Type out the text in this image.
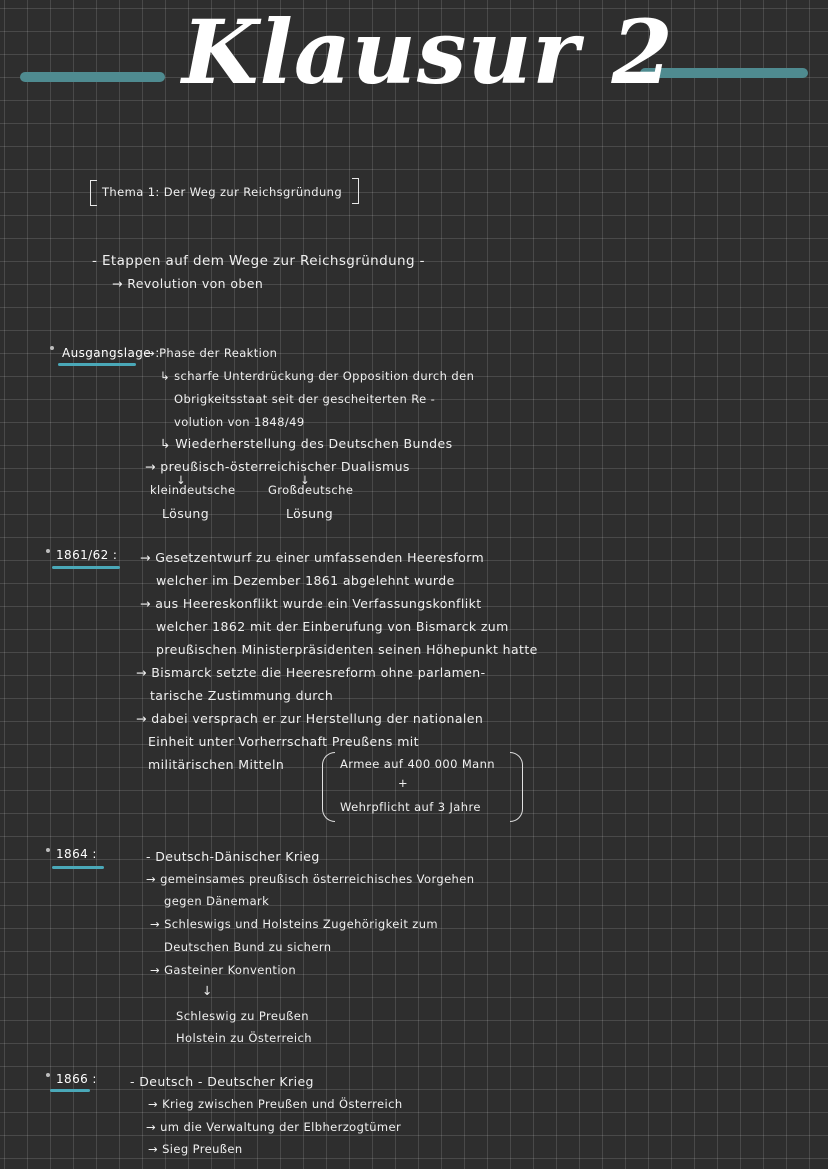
Klausur 2
Thema 1: Der Weg zur Reichsgründung
- Etappen auf dem Wege zur Reichsgründung -
→ Revolution von oben
Ausgangslage :
→ Phase der Reaktion
↳ scharfe Unterdrückung der Opposition durch den
Obrigkeitsstaat seit der gescheiterten Re -
volution von 1848/49
↳ Wiederherstellung des Deutschen Bundes
→ preußisch-österreichischer Dualismus
↓	↓
kleindeutsche
Lösung
Großdeutsche
Lösung
1861/62 : → Gesetzentwurf zu einer umfassenden Heeresform
welcher im Dezember 1861 abgelehnt wurde
→ aus Heereskonflikt wurde ein Verfassungskonflikt
welcher 1862 mit der Einberufung von Bismarck zum
preußischen Ministerpräsidenten seinen Höhepunkt hatte
→ Bismarck setzte die Heeresreform ohne parlamen-
tarische Zustimmung durch
→ dabei versprach er zur Herstellung der nationalen
Einheit unter Vorherrschaft Preußens mit
militärischen Mitteln	Armee auf 400 000 Mann
+
Wehrpflicht auf 3 Jahre
1864 :	- Deutsch-Dänischer Krieg
→ gemeinsames preußisch österreichisches Vorgehen
gegen Dänemark
→ Schleswigs und Holsteins Zugehörigkeit zum
Deutschen Bund zu sichern
→ Gasteiner Konvention
↓
Schleswig zu Preußen
Holstein zu Österreich
1866 :	- Deutsch - Deutscher Krieg
→ Krieg zwischen Preußen und Österreich
→ um die Verwaltung der Elbherzogtümer
→ Sieg Preußen
